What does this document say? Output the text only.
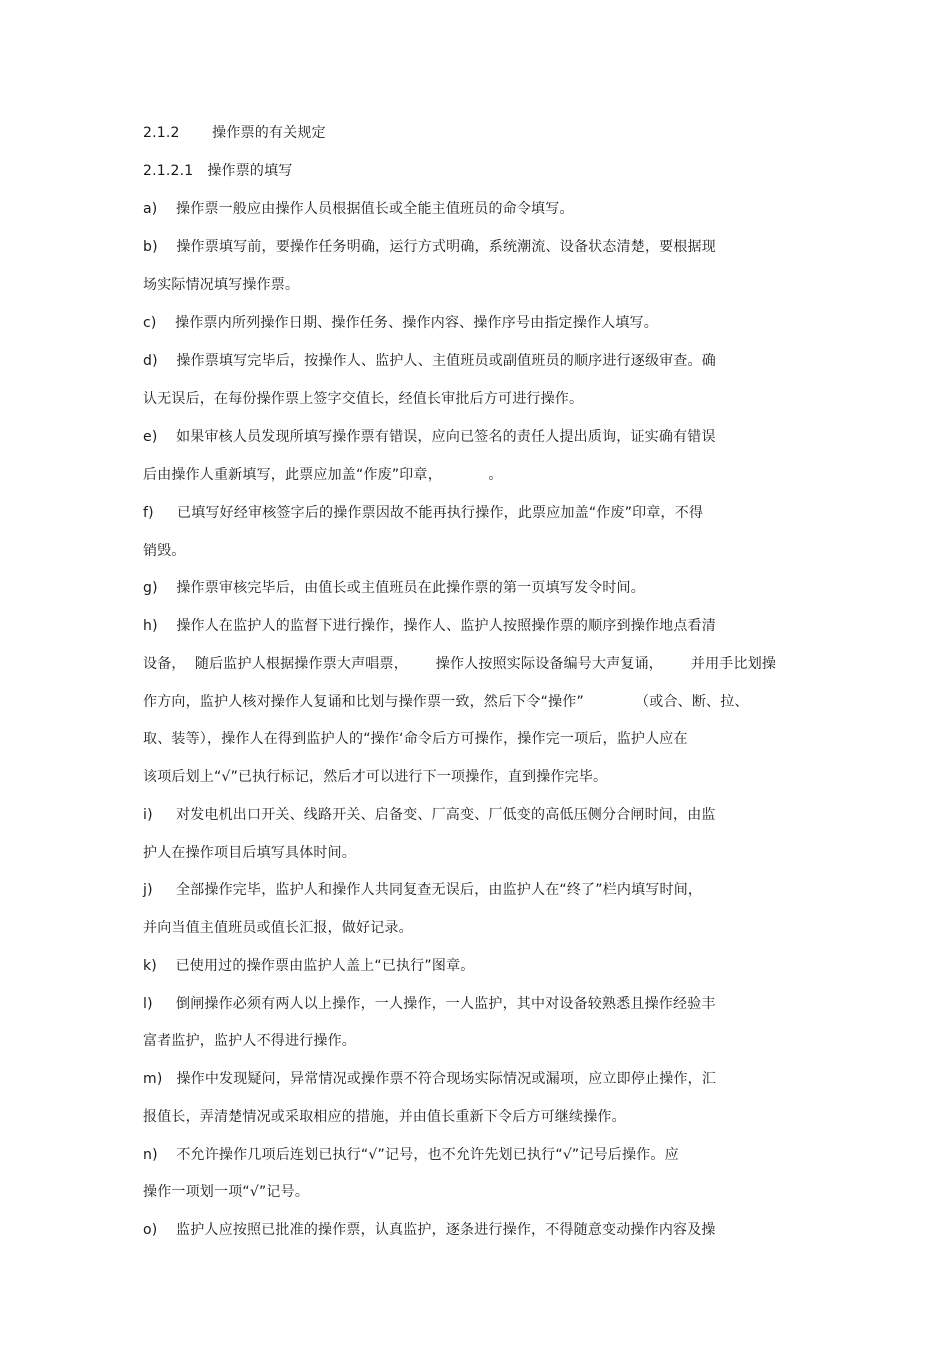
2.1.2       操作票的有关规定
2.1.2.1   操作票的填写
a)    操作票一般应由操作人员根据值长或全能主值班员的命令填写。
b)    操作票填写前，要操作任务明确，运行方式明确，系统潮流、设备状态清楚，要根据现
场实际情况填写操作票。
c)    操作票内所列操作日期、操作任务、操作内容、操作序号由指定操作人填写。
d)    操作票填写完毕后，按操作人、监护人、主值班员或副值班员的顺序进行逐级审查。确
认无误后，在每份操作票上签字交值长，经值长审批后方可进行操作。
e)    如果审核人员发现所填写操作票有错误，应向已签名的责任人提出质询，证实确有错误
后由操作人重新填写，此票应加盖“作废”印章，          。
f)     已填写好经审核签字后的操作票因故不能再执行操作，此票应加盖“作废”印章，不得
销毁。
g)    操作票审核完毕后，由值长或主值班员在此操作票的第一页填写发令时间。
h)    操作人在监护人的监督下进行操作，操作人、监护人按照操作票的顺序到操作地点看清
设备，  随后监护人根据操作票大声唱票，      操作人按照实际设备编号大声复诵，      并用手比划操
作方向，监护人核对操作人复诵和比划与操作票一致，然后下令“操作”           （或合、断、拉、
取、装等），操作人在得到监护人的“操作‘命令后方可操作，操作完一项后，监护人应在
该项后划上“√”已执行标记，然后才可以进行下一项操作，直到操作完毕。
i)     对发电机出口开关、线路开关、启备变、厂高变、厂低变的高低压侧分合闸时间，由监
护人在操作项目后填写具体时间。
j)     全部操作完毕，监护人和操作人共同复查无误后，由监护人在“终了”栏内填写时间，
并向当值主值班员或值长汇报，做好记录。
k)    已使用过的操作票由监护人盖上“已执行”图章。
l)     倒闸操作必须有两人以上操作，一人操作，一人监护，其中对设备较熟悉且操作经验丰
富者监护，监护人不得进行操作。
m)   操作中发现疑问，异常情况或操作票不符合现场实际情况或漏项，应立即停止操作，汇
报值长，弄清楚情况或采取相应的措施，并由值长重新下令后方可继续操作。
n)    不允许操作几项后连划已执行“√”记号，也不允许先划已执行“√”记号后操作。应
操作一项划一项“√”记号。
o)    监护人应按照已批准的操作票，认真监护，逐条进行操作，不得随意变动操作内容及操
